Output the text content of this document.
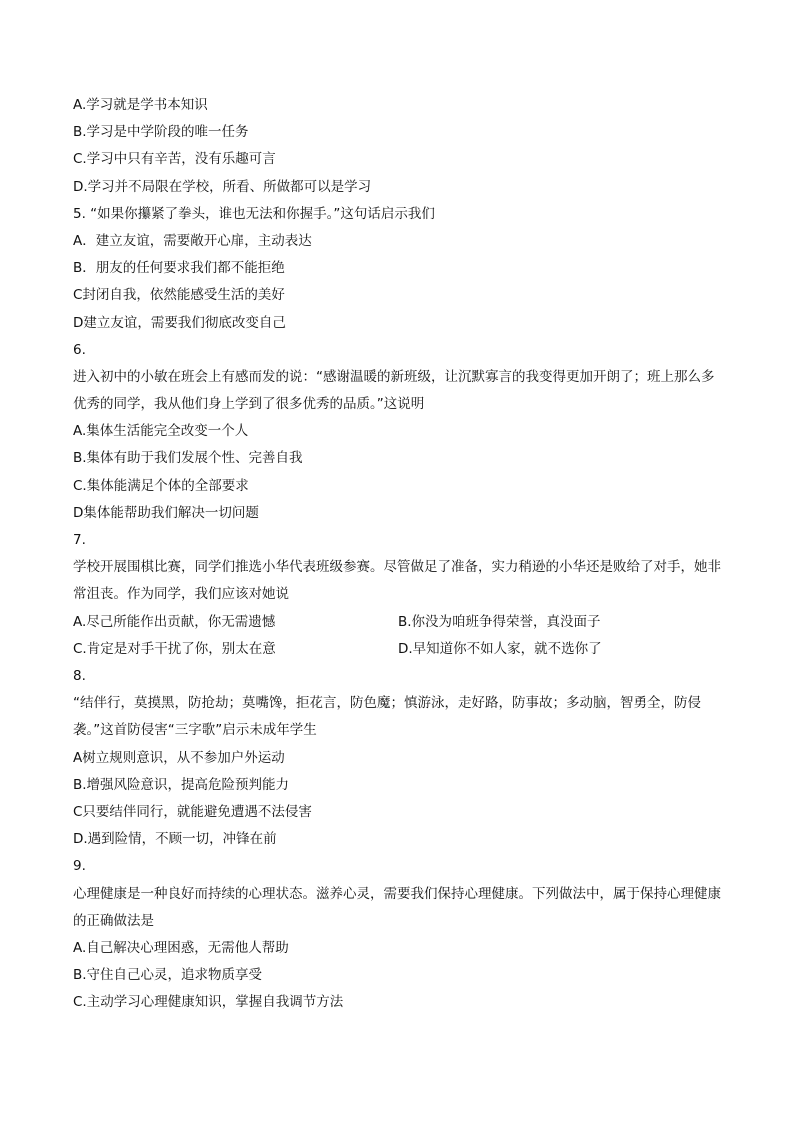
A.学习就是学书本知识
B.学习是中学阶段的唯一任务
C.学习中只有辛苦，没有乐趣可言
D.学习并不局限在学校，所看、所做都可以是学习
5. “如果你攥紧了拳头，谁也无法和你握手。”这句话启示我们
A．建立友谊，需要敞开心扉，主动表达
B．朋友的任何要求我们都不能拒绝
C封闭自我，依然能感受生活的美好
D建立友谊，需要我们彻底改变自己
6.
进入初中的小敏在班会上有感而发的说：“感谢温暖的新班级，让沉默寡言的我变得更加开朗了；班上那么多优秀的同学，我从他们身上学到了很多优秀的品质。”这说明
A.集体生活能完全改变一个人
B.集体有助于我们发展个性、完善自我
C.集体能满足个体的全部要求
D集体能帮助我们解决一切问题
7.
学校开展围棋比赛，同学们推选小华代表班级参赛。尽管做足了准备，实力稍逊的小华还是败给了对手，她非常沮丧。作为同学，我们应该对她说
A.尽己所能作出贡献，你无需遗憾	B.你没为咱班争得荣誉，真没面子
C.肯定是对手干扰了你，别太在意	D.早知道你不如人家，就不选你了
8.
“结伴行，莫摸黑，防抢劫；莫嘴馋，拒花言，防色魔；慎游泳，走好路，防事故；多动脑，智勇全，防侵袭。”这首防侵害“三字歌”启示未成年学生
A树立规则意识，从不参加户外运动
B.增强风险意识，提高危险预判能力
C只要结伴同行，就能避免遭遇不法侵害
D.遇到险情，不顾一切，冲锋在前
9.
心理健康是一种良好而持续的心理状态。滋养心灵，需要我们保持心理健康。下列做法中，属于保持心理健康的正确做法是
A.自己解决心理困惑，无需他人帮助
B.守住自己心灵，追求物质享受
C.主动学习心理健康知识，掌握自我调节方法
